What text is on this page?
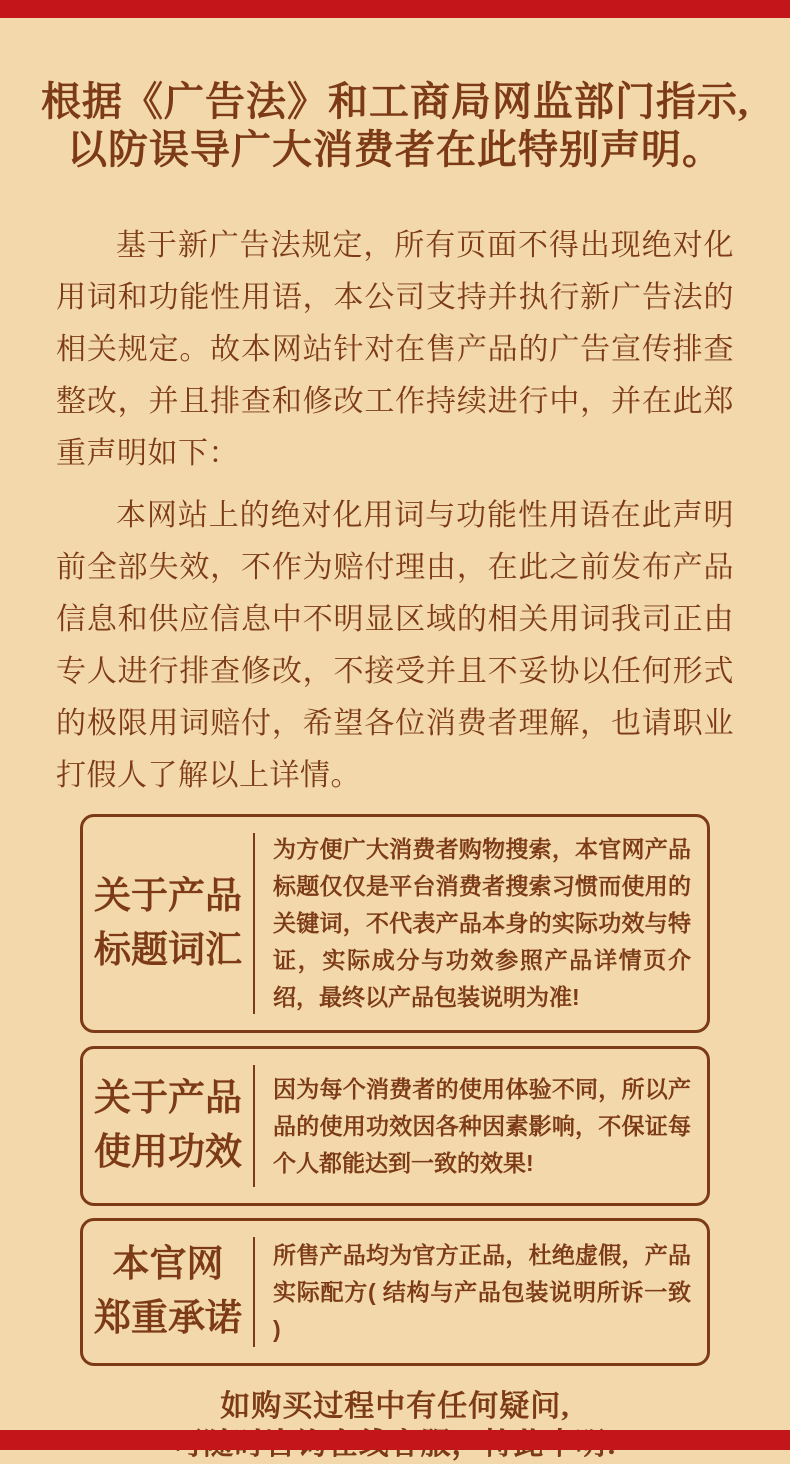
根据《广告法》和工商局网监部门指示,
以防误导广大消费者在此特别声明。

基于新广告法规定，所有页面不得出现绝对化用词和功能性用语，本公司支持并执行新广告法的相关规定。故本网站针对在售产品的广告宣传排查整改，并且排查和修改工作持续进行中，并在此郑重声明如下：

本网站上的绝对化用词与功能性用语在此声明前全部失效，不作为赔付理由，在此之前发布产品信息和供应信息中不明显区域的相关用词我司正由专人进行排查修改，不接受并且不妥协以任何形式的极限用词赔付，希望各位消费者理解，也请职业打假人了解以上详情。

关于产品
标题词汇
为方便广大消费者购物搜索，本官网产品标题仅仅是平台消费者搜索习惯而使用的关键词，不代表产品本身的实际功效与特证，实际成分与功效参照产品详情页介绍，最终以产品包装说明为准!
关于产品
使用功效
因为每个消费者的使用体验不同，所以产品的使用功效因各种因素影响，不保证每个人都能达到一致的效果!
本官网
郑重承诺
所售产品均为官方正品，杜绝虚假，产品实际配方( 结构与产品包装说明所诉一致 )
如购买过程中有任何疑问,
